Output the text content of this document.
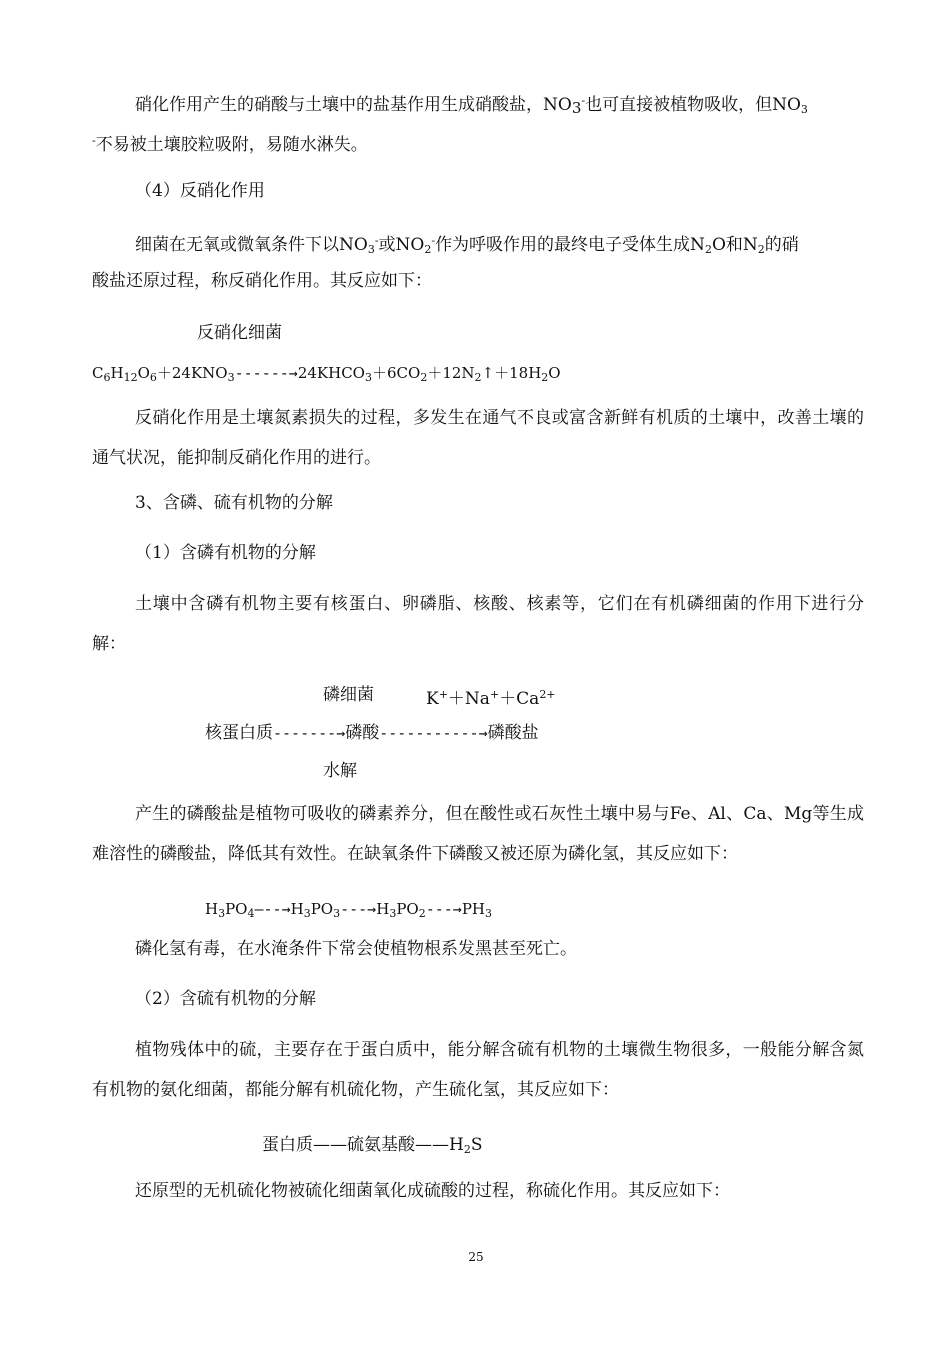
硝化作用产生的硝酸与土壤中的盐基作用生成硝酸盐，NO3-也可直接被植物吸收，但$NO_3$
-不易被土壤胶粒吸附，易随水淋失。
（4）反硝化作用
细菌在无氧或微氧条件下以$NO_3^-$或$NO_2^-$作为呼吸作用的最终电子受体生成$N_2O$和$N_2$的硝
酸盐还原过程，称反硝化作用。其反应如下：
反硝化细菌
$C_6H_{12}O_6+24KNO_3------\to 24KHCO_3+6CO_2+12N_2↑+18H_2O$
反硝化作用是土壤氮素损失的过程，多发生在通气不良或富含新鲜有机质的土壤中，改善土壤的通气状况，能抑制反硝化作用的进行。
3、含磷、硫有机物的分解
（1）含磷有机物的分解
土壤中含磷有机物主要有核蛋白、卵磷脂、核酸、核素等，它们在有机磷细菌的作用下进行分解：
磷细菌	$K^++Na^++Ca^{2+}$
核蛋白质-------→磷酸-----------→磷酸盐
水解
产生的磷酸盐是植物可吸收的磷素养分，但在酸性或石灰性土壤中易与Fe、Al、Ca、Mg等生成难溶性的磷酸盐，降低其有效性。在缺氧条件下磷酸又被还原为磷化氢，其反应如下：
$H_3PO_4—--\to H_3PO_3---\to H_3PO_2---\to PH_3$
磷化氢有毒，在水淹条件下常会使植物根系发黑甚至死亡。
（2）含硫有机物的分解
植物残体中的硫，主要存在于蛋白质中，能分解含硫有机物的土壤微生物很多，一般能分解含氮有机物的氨化细菌，都能分解有机硫化物，产生硫化氢，其反应如下：
蛋白质——硫氨基酸$——H_2S$
还原型的无机硫化物被硫化细菌氧化成硫酸的过程，称硫化作用。其反应如下：
25
